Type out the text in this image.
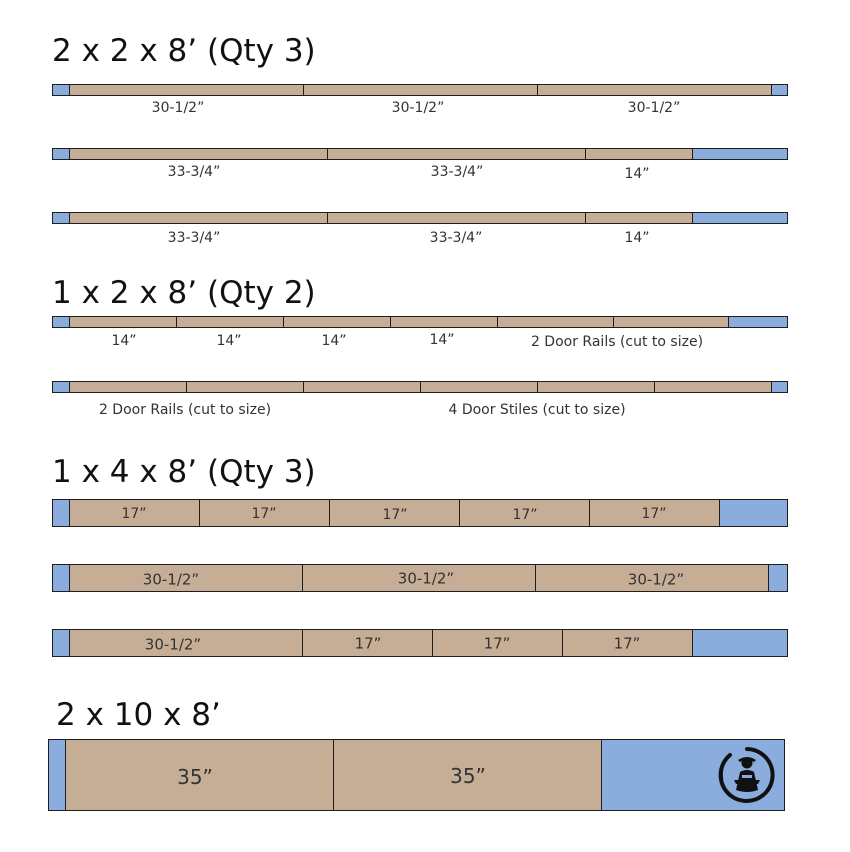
2 x 2 x 8’ (Qty 3)
30-1/2”	30-1/2”	30-1/2”
33-3/4”	33-3/4”	14”
33-3/4”	33-3/4”	14”
1 x 2 x 8’ (Qty 2)
14”	14”	14”	14”	2 Door Rails (cut to size)
2 Door Rails (cut to size)	4 Door Stiles (cut to size)
1 x 4 x 8’ (Qty 3)
17”	17”	17”	17”	17”
30-1/2”	30-1/2”	30-1/2”
30-1/2”	17”	17”	17”
2 x 10 x 8’
35”	35”
